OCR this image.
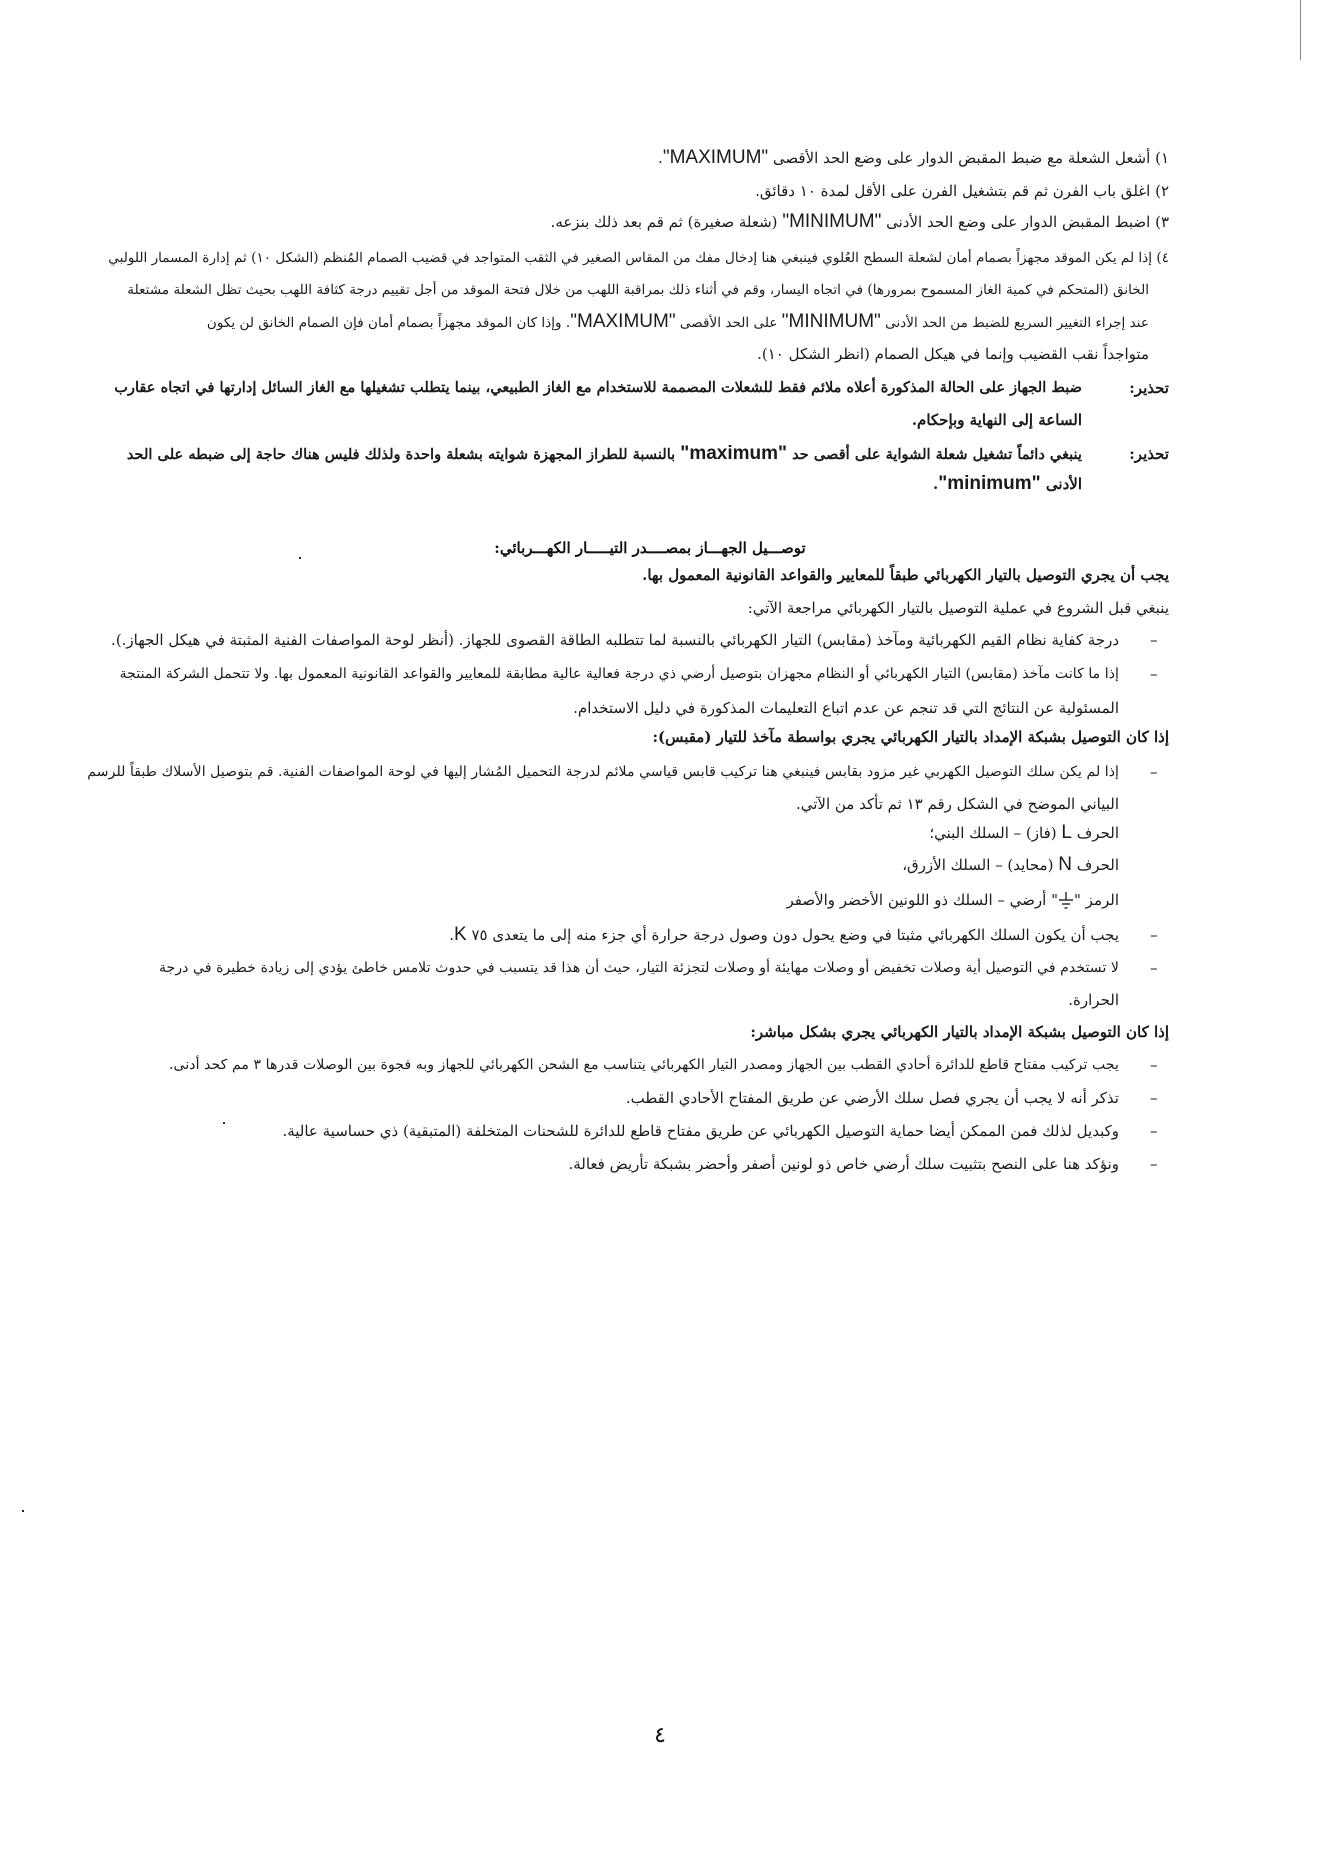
١) أشعل الشعلة مع ضبط المقبض الدوار على وضع الحد الأقصى "MAXIMUM".
٢) اغلق باب الفرن ثم قم بتشغيل الفرن على الأقل لمدة ١٠ دقائق.
٣) اضبط المقبض الدوار على وضع الحد الأدنى "MINIMUM" (شعلة صغيرة) ثم قم بعد ذلك بنزعه.
٤) إذا لم يكن الموقد مجهزاً بصمام أمان لشعلة السطح العُلوي فينبغي هنا إدخال مفك من المقاس الصغير في الثقب المتواجد في قضيب الصمام المُنظم (الشكل ١٠) ثم إدارة المسمار اللولبي
الخانق (المتحكم في كمية الغاز المسموح بمرورها) في اتجاه اليسار، وقم في أثناء ذلك بمراقبة اللهب من خلال فتحة الموقد من أجل تقييم درجة كثافة اللهب بحيث تظل الشعلة مشتعلة
عند إجراء التغيير السريع للضبط من الحد الأدنى "MINIMUM" على الحد الأقصى "MAXIMUM". وإذا كان الموقد مجهزاً بصمام أمان فإن الصمام الخانق لن يكون
متواجداً نقب القضيب وإنما في هيكل الصمام (انظر الشكل ١٠).
تحذير:
ضبط الجهاز على الحالة المذكورة أعلاه ملائم فقط للشعلات المصممة للاستخدام مع الغاز الطبيعي، بينما يتطلب تشغيلها مع الغاز السائل إدارتها في اتجاه عقارب
الساعة إلى النهاية وبإحكام.
تحذير:
ينبغي دائماً تشغيل شعلة الشواية على أقصى حد "maximum" بالنسبة للطراز المجهزة شوايته بشعلة واحدة ولذلك فليس هناك حاجة إلى ضبطه على الحد
الأدنى "minimum".
توصـــيل الجهـــاز بمصــــدر التيـــــار الكهـــربائي:
يجب أن يجري التوصيل بالتيار الكهربائي طبقاً للمعايير والقواعد القانونية المعمول بها.
ينبغي قبل الشروع في عملية التوصيل بالتيار الكهربائي مراجعة الآتي:
–
درجة كفاية نظام القيم الكهربائية ومآخذ (مقابس) التيار الكهربائي بالنسبة لما تتطلبه الطاقة القصوى للجهاز. (أنظر لوحة المواصفات الفنية المثبتة في هيكل الجهاز.).
–
إذا ما كانت مآخذ (مقابس) التيار الكهربائي أو النظام مجهزان بتوصيل أرضي ذي درجة فعالية عالية مطابقة للمعايير والقواعد القانونية المعمول بها. ولا تتحمل الشركة المنتجة
المسئولية عن النتائج التي قد تنجم عن عدم اتباع التعليمات المذكورة في دليل الاستخدام.
إذا كان التوصيل بشبكة الإمداد بالتيار الكهربائي يجري بواسطة مآخذ للتيار (مقبس):
–
إذا لم يكن سلك التوصيل الكهربي غير مزود بقابس فينبغي هنا تركيب قابس قياسي ملائم لدرجة التحميل المُشار إليها في لوحة المواصفات الفنية. قم بتوصيل الأسلاك طبقاً للرسم
البياني الموضح في الشكل رقم ١٣ ثم تأكد من الآتي.
الحرف L (فاز) – السلك البني؛
الحرف N (محايد) – السلك الأزرق،
الرمز "" أرضي – السلك ذو اللونين الأخضر والأصفر
–
يجب أن يكون السلك الكهربائي مثبتا في وضع يحول دون وصول درجة حرارة أي جزء منه إلى ما يتعدى ٧٥ K.
–
لا تستخدم في التوصيل أية وصلات تخفيض أو وصلات مهايئة أو وصلات لتجزئة التيار، حيث أن هذا قد يتسبب في حدوث تلامس خاطئ يؤدي إلى زيادة خطيرة في درجة
الحرارة.
إذا كان التوصيل بشبكة الإمداد بالتيار الكهربائي يجري بشكل مباشر:
–
يجب تركيب مفتاح قاطع للدائرة أحادي القطب بين الجهاز ومصدر التيار الكهربائي يتناسب مع الشحن الكهربائي للجهاز وبه فجوة بين الوصلات قدرها ٣ مم كحد أدنى.
–
تذكر أنه لا يجب أن يجري فصل سلك الأرضي عن طريق المفتاح الأحادي القطب.
–
وكبديل لذلك فمن الممكن أيضا حماية التوصيل الكهربائي عن طريق مفتاح قاطع للدائرة للشحنات المتخلفة (المتبقية) ذي حساسية عالية.
–
ونؤكد هنا على النصح بتثبيت سلك أرضي خاص ذو لونين أصفر وأحضر بشبكة تأريض فعالة.
٤
